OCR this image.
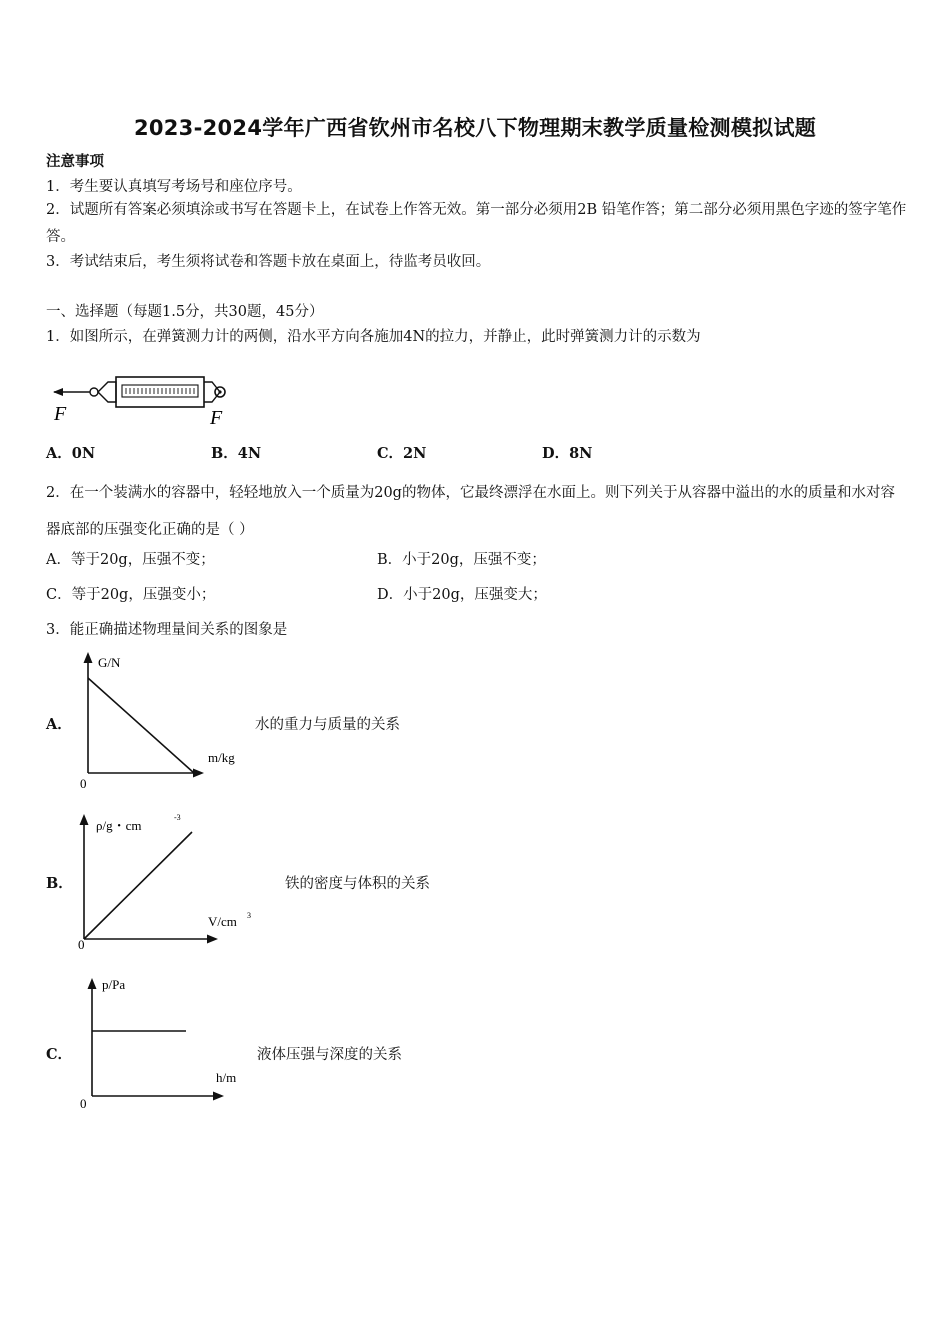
2023-2024学年广西省钦州市名校八下物理期末教学质量检测模拟试题
注意事项
1．考生要认真填写考场号和座位序号。
2．试题所有答案必须填涂或书写在答题卡上，在试卷上作答无效。第一部分必须用2B 铅笔作答；第二部分必须用黑色字迹的签字笔作答。
3．考试结束后，考生须将试卷和答题卡放在桌面上，待监考员收回。
一、选择题（每题1.5分，共30题，45分）
1．如图所示，在弹簧测力计的两侧，沿水平方向各施加4N的拉力，并静止，此时弹簧测力计的示数为
F	F
A．0N	B．4N	C．2N	D．8N
2．在一个装满水的容器中，轻轻地放入一个质量为20g的物体，它最终漂浮在水面上。则下列关于从容器中溢出的水的质量和水对容器底部的压强变化正确的是（ ）
A．等于20g，压强不变；	B．小于20g，压强不变；
C．等于20g，压强变小；	D．小于20g，压强变大；
3．能正确描述物理量间关系的图象是
A．
G/N
m/kg
0
水的重力与质量的关系
B．
ρ/g・cm
-3
V/cm 3
0
铁的密度与体积的关系
C．
p/Pa
h/m
0
液体压强与深度的关系
